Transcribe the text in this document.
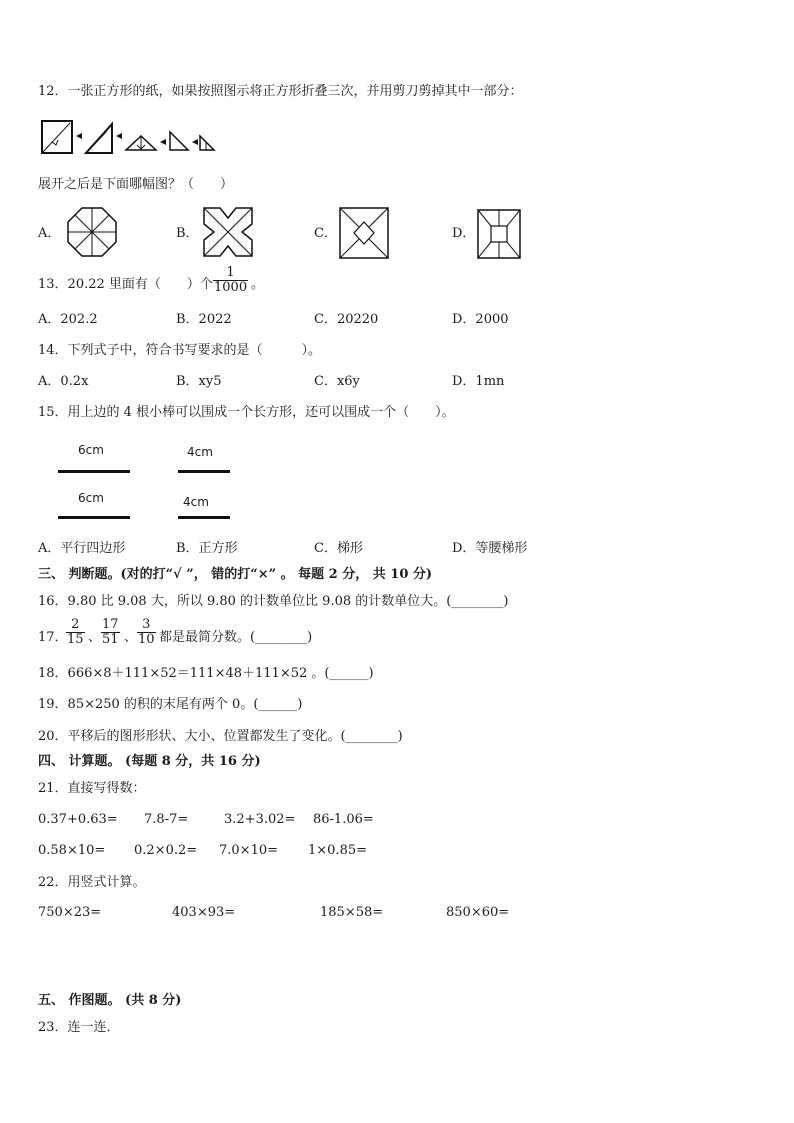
12．一张正方形的纸，如果按照图示将正方形折叠三次，并用剪刀剪掉其中一部分：
展开之后是下面哪幅图？（　　）
A．	B．	C．	D．
13．20.22 里面有（　　）个 $\frac{1}{1000}$ 。
A．202.2	B．2022	C．20220	D．2000
14．下列式子中，符合书写要求的是（　　　）。
A．0.2x	B．xy5	C．x6y	D．1mn
15．用上边的 4 根小棒可以围成一个长方形，还可以围成一个（　　）。
6cm	4cm
6cm	4cm
A．平行四边形	B．正方形	C．梯形	D．等腰梯形
三、 判断题。(对的打“√ ”， 错的打“×” 。 每题 2 分， 共 10 分)
16．9.80 比 9.08 大，所以 9.80 的计数单位比 9.08 的计数单位大。(________)
17．
$\frac{2}{15}$ 、 $\frac{17}{51}$ 、 $\frac{3}{10}$ 都是最简分数。(________)
18．666×8＋111×52＝111×48＋111×52 。(______)
19．85×250 的积的末尾有两个 0。(______)
20．平移后的图形形状、大小、位置都发生了变化。(________)
四、 计算题。 (每题 8 分，共 16 分)
21．直接写得数：
0.37+0.63= 7.8-7=	3.2+3.02= 86-1.06=
0.58×10= 0.2×0.2= 7.0×10= 1×0.85=
22．用竖式计算。
750×23=	403×93=	185×58=	850×60=
五、 作图题。 (共 8 分)
23．连一连．
